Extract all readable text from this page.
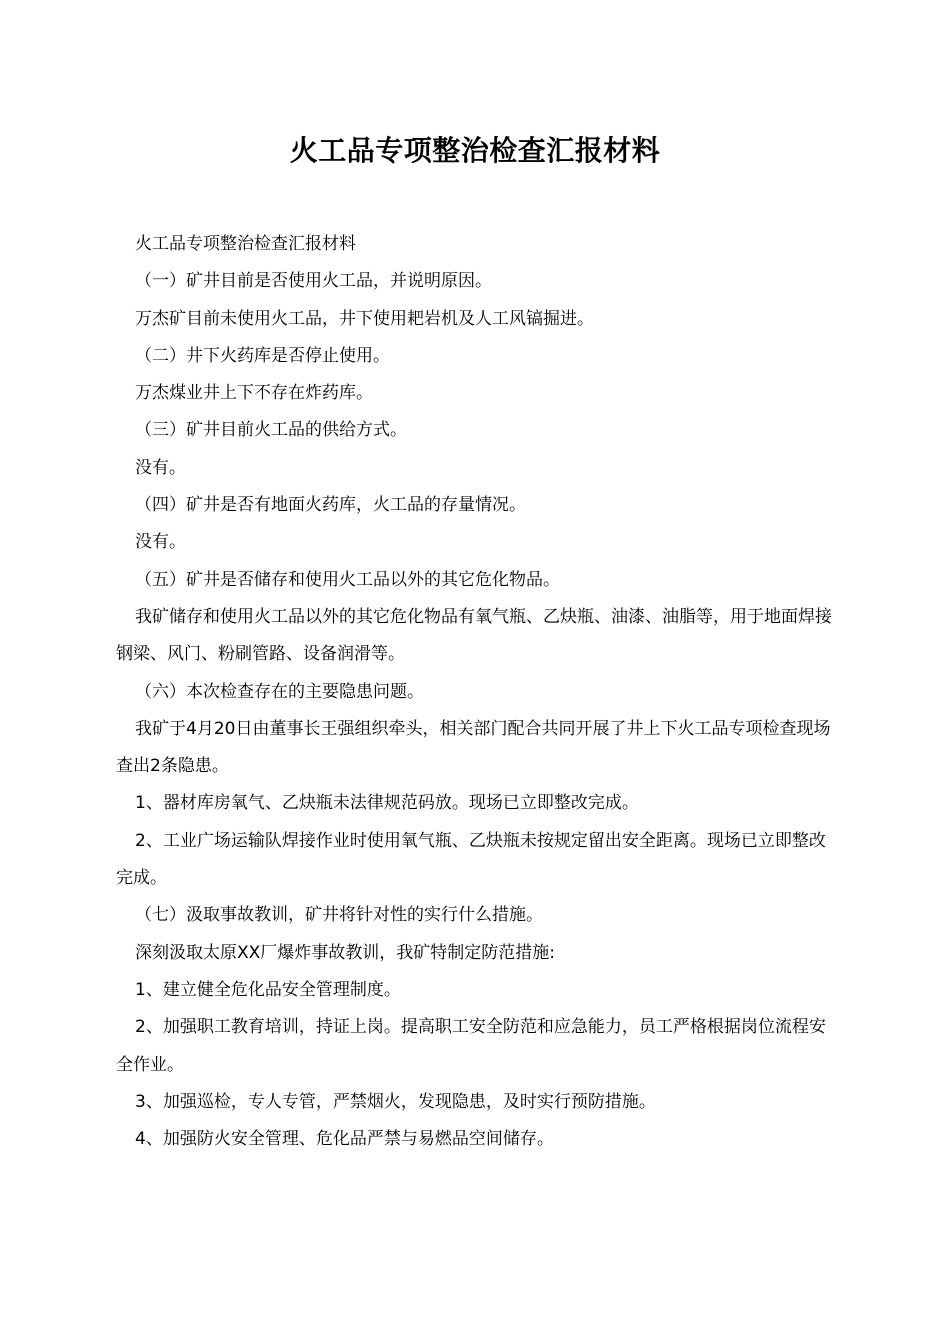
火工品专项整治检查汇报材料

火工品专项整治检查汇报材料

（一）矿井目前是否使用火工品，并说明原因。

万杰矿目前未使用火工品，井下使用耙岩机及人工风镐掘进。

（二）井下火药库是否停止使用。

万杰煤业井上下不存在炸药库。

（三）矿井目前火工品的供给方式。

没有。

（四）矿井是否有地面火药库，火工品的存量情况。

没有。

（五）矿井是否储存和使用火工品以外的其它危化物品。

我矿储存和使用火工品以外的其它危化物品有氧气瓶、乙炔瓶、油漆、油脂等，用于地面焊接钢梁、风门、粉刷管路、设备润滑等。

（六）本次检查存在的主要隐患问题。

我矿于4月20日由董事长王强组织牵头，相关部门配合共同开展了井上下火工品专项检查现场查出2条隐患。

1、器材库房氧气、乙炔瓶未法律规范码放。现场已立即整改完成。

2、工业广场运输队焊接作业时使用氧气瓶、乙炔瓶未按规定留出安全距离。现场已立即整改完成。

（七）汲取事故教训，矿井将针对性的实行什么措施。

深刻汲取太原XX厂爆炸事故教训，我矿特制定防范措施:

1、建立健全危化品安全管理制度。

2、加强职工教育培训，持证上岗。提高职工安全防范和应急能力，员工严格根据岗位流程安全作业。

3、加强巡检，专人专管，严禁烟火，发现隐患，及时实行预防措施。

4、加强防火安全管理、危化品严禁与易燃品空间储存。
